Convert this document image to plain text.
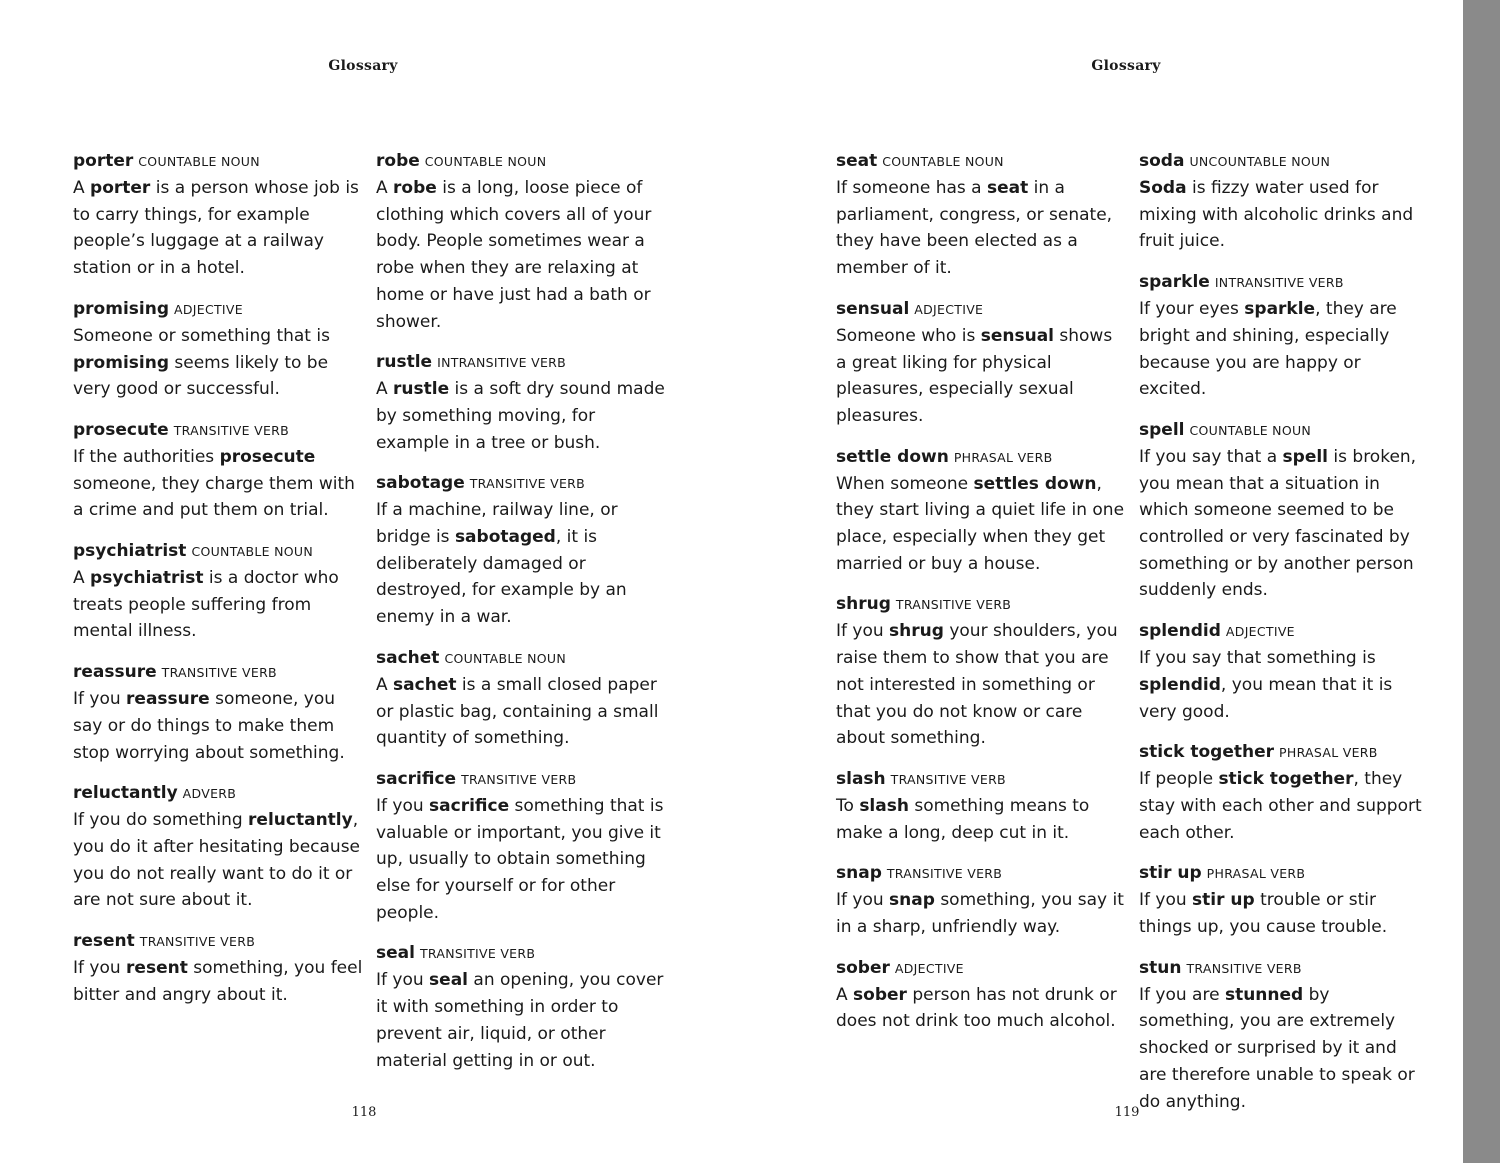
Glossary
porter COUNTABLE NOUN
A porter is a person whose job is to carry things, for example people’s luggage at a railway station or in a hotel.
promising ADJECTIVE
Someone or something that is promising seems likely to be very good or successful.
prosecute TRANSITIVE VERB
If the authorities prosecute someone, they charge them with a crime and put them on trial.
psychiatrist COUNTABLE NOUN
A psychiatrist is a doctor who treats people suffering from mental illness.
reassure TRANSITIVE VERB
If you reassure someone, you say or do things to make them stop worrying about something.
reluctantly ADVERB
If you do something reluctantly, you do it after hesitating because you do not really want to do it or are not sure about it.
resent TRANSITIVE VERB
If you resent something, you feel bitter and angry about it.
robe COUNTABLE NOUN
A robe is a long, loose piece of clothing which covers all of your body. People sometimes wear a robe when they are relaxing at home or have just had a bath or shower.
rustle INTRANSITIVE VERB
A rustle is a soft dry sound made by something moving, for example in a tree or bush.
sabotage TRANSITIVE VERB
If a machine, railway line, or bridge is sabotaged, it is deliberately damaged or destroyed, for example by an enemy in a war.
sachet COUNTABLE NOUN
A sachet is a small closed paper or plastic bag, containing a small quantity of something.
sacrifice TRANSITIVE VERB
If you sacrifice something that is valuable or important, you give it up, usually to obtain something else for yourself or for other people.
seal TRANSITIVE VERB
If you seal an opening, you cover it with something in order to prevent air, liquid, or other material getting in or out.
118
Glossary
seat COUNTABLE NOUN
If someone has a seat in a parliament, congress, or senate, they have been elected as a member of it.
sensual ADJECTIVE
Someone who is sensual shows a great liking for physical pleasures, especially sexual pleasures.
settle down PHRASAL VERB
When someone settles down, they start living a quiet life in one place, especially when they get married or buy a house.
shrug TRANSITIVE VERB
If you shrug your shoulders, you raise them to show that you are not interested in something or that you do not know or care about something.
slash TRANSITIVE VERB
To slash something means to make a long, deep cut in it.
snap TRANSITIVE VERB
If you snap something, you say it in a sharp, unfriendly way.
sober ADJECTIVE
A sober person has not drunk or does not drink too much alcohol.
soda UNCOUNTABLE NOUN
Soda is fizzy water used for mixing with alcoholic drinks and fruit juice.
sparkle INTRANSITIVE VERB
If your eyes sparkle, they are bright and shining, especially because you are happy or excited.
spell COUNTABLE NOUN
If you say that a spell is broken, you mean that a situation in which someone seemed to be controlled or very fascinated by something or by another person suddenly ends.
splendid ADJECTIVE
If you say that something is splendid, you mean that it is very good.
stick together PHRASAL VERB
If people stick together, they stay with each other and support each other.
stir up PHRASAL VERB
If you stir up trouble or stir things up, you cause trouble.
stun TRANSITIVE VERB
If you are stunned by something, you are extremely shocked or surprised by it and are therefore unable to speak or do anything.
119
